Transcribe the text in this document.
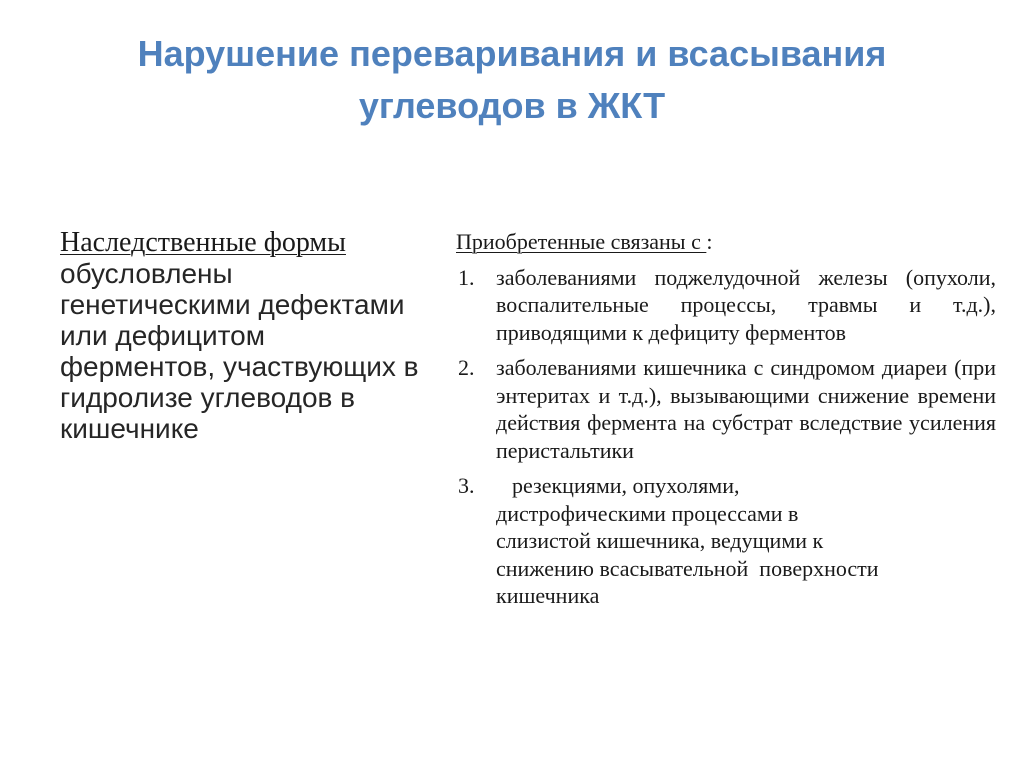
Нарушение переваривания и всасывания
углеводов в ЖКТ
Наследственные формы обусловлены генетическими дефектами или дефицитом ферментов, участвующих в гидролизе углеводов в кишечнике
Приобретенные связаны с :
1. заболеваниями поджелудочной железы (опухоли, воспалительные процессы, травмы и т.д.), приводящими к дефициту ферментов
2. заболеваниями кишечника с синдромом диареи (при энтеритах и т.д.), вызывающими снижение времени действия фермента на субстрат вследствие усиления перистальтики
3.	резекциями, опухолями,
дистрофическими процессами в
слизистой кишечника, ведущими к
снижению всасывательной  поверхности
кишечника
